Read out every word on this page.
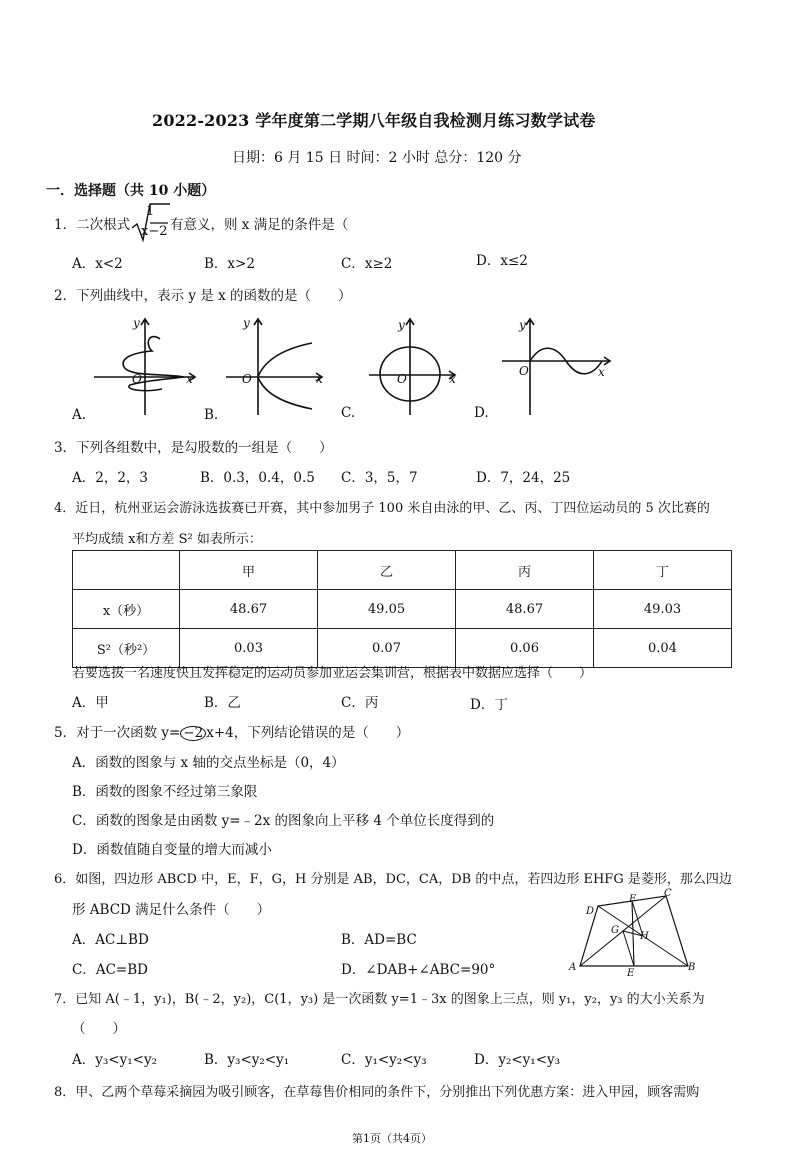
2022-2023 学年度第二学期八年级自我检测月练习数学试卷
日期：6 月 15 日 时间：2 小时 总分：120 分
一．选择题（共 10 小题）
1．二次根式
1
x−2 有意义，则 x 满足的条件是（
A．x<2	B．x>2	C．x≥2	D．x≤2
2．下列曲线中，表示 y 是 x 的函数的是（　　）
y
O	x
y
O	x
y
O	x
y
O	x
A.	B.	C.	D.
3．下列各组数中，是勾股数的一组是（　　）
A．2，2，3	B．0.3，0.4，0.5 C．3，5，7	D．7，24，25
4．近日，杭州亚运会游泳选拔赛已开赛，其中参加男子 100 米自由泳的甲、乙、丙、丁四位运动员的 5 次比赛的
平均成绩 x和方差 S² 如表所示：
	甲	乙	丙	丁
x（秒）	48.67	49.05	48.67	49.03
S²（秒²）	0.03	0.07	0.06	0.04
若要选拔一名速度快且发挥稳定的运动员参加亚运会集训营，根据表中数据应选择（　　）
A．甲	B．乙	C．丙	D．丁
5．对于一次函数 y= −2 x+4，下列结论错误的是（　　）
A．函数的图象与 x 轴的交点坐标是（0，4）
B．函数的图象不经过第三象限
C．函数的图象是由函数 y=﹣2x 的图象向上平移 4 个单位长度得到的
D．函数值随自变量的增大而减小
6．如图，四边形 ABCD 中，E，F，G，H 分别是 AB，DC，CA，DB 的中点，若四边形 EHFG 是菱形，那么四边
形 ABCD 满足什么条件（　　）
A．AC⊥BD	B．AD=BC
C．AC=BD	D．∠DAB+∠ABC=90°	A	B
C
D
E
F
G
H
7．已知 A(﹣1，y₁)，B(﹣2，y₂)，C(1，y₃) 是一次函数 y=1﹣3x 的图象上三点，则 y₁，y₂，y₃ 的大小关系为
（　　）
A．y₃<y₁<y₂	B．y₃<y₂<y₁	C．y₁<y₂<y₃	D．y₂<y₁<y₃
8．甲、乙两个草莓采摘园为吸引顾客，在草莓售价相同的条件下，分别推出下列优惠方案：进入甲园，顾客需购
第1页（共4页）
